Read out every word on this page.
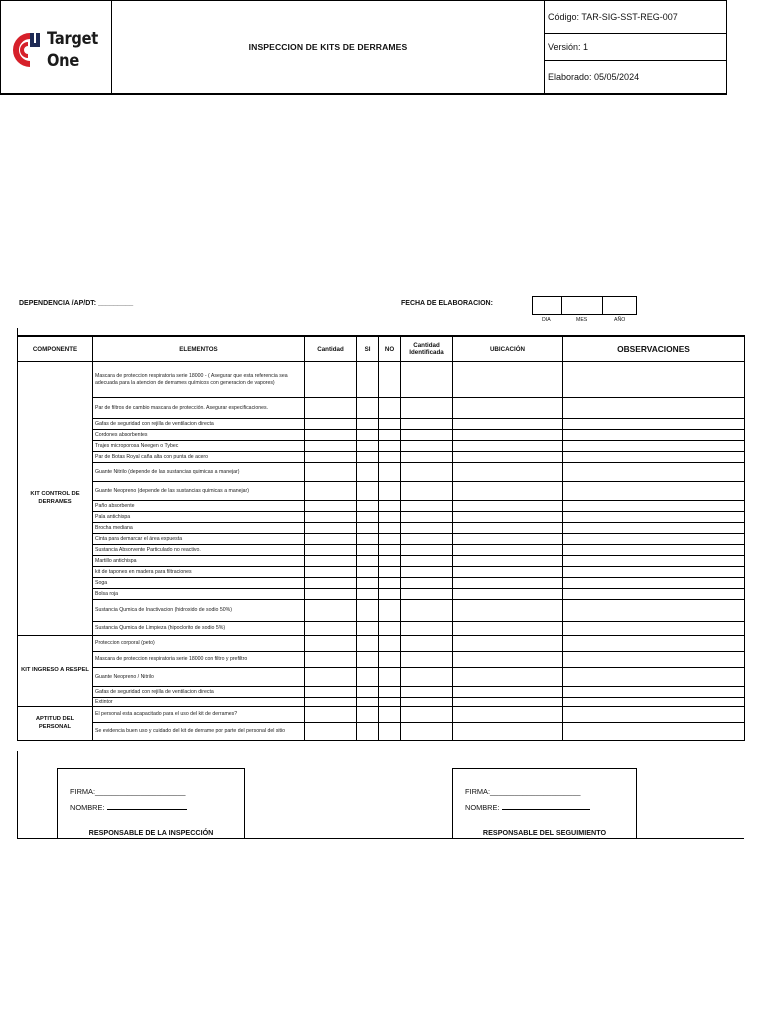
Target
One
INSPECCION DE KITS DE DERRAMES
Código: TAR-SIG-SST-REG-007
Versión: 1
Elaborado: 05/05/2024
DEPENDENCIA /AP/DT: _________	FECHA DE ELABORACION:
DIA	MES	AÑO
COMPONENTE	ELEMENTOS	Cantidad	SI	NO	Cantidad Identificada	UBICACIÓN	OBSERVACIONES
KIT CONTROL DE DERRAMES	Mascara de proteccion respiratoria serie 18000 - ( Asegurar que esta referencia sea adecuada para la atencion de derrames químicos con generacion de vapores)						
	Par de filtros de cambio mascara de protección. Asegurar especificaciones.						
	Gafas de seguridad con rejilla de ventilacion directa						
	Cordones absorbentes						
	Trajes microporosa Neegen o Tybec						
	Par de Botas Royal caña alta con punta de acero						
	Guante Nitrilo (depende de las sustancias quimicas a manejar)						
	Guante Neopreno (depende de las sustancias quimicas a manejar)						
	Paño absorbente						
	Pala antichispa						
	Brocha mediana						
	Cinta para demarcar el área expuesta						
	Sustancia Absorvente Particulado no reactivo.						
	Martillo antichispa						
	kit de tapones en madera para filtraciones						
	Soga						
	Bolsa roja						
	Sustancia Qumica de Inactivacion (hidroxido de sodio 50%)						
	Sustancia Qumica de Limpieza (hipoclorito de sodio 5%)						
KIT INGRESO A RESPEL	Proteccion corporal (peto)						
	Mascara de proteccion respiratoria serie 18000 con filtro y prefiltro						
	Guante Neopreno / Nitrilo						
	Gafas de seguridad con rejilla de ventilacion directa						
	Extintor						
APTITUD DEL PERSONAL	El personal esta acapacitado para el uso del kit de derrames?						
	Se evidencia buen uso y cuidado del kit de derrame por parte del personal del sitio						
FIRMA:______________________
NOMBRE:
RESPONSABLE DE LA INSPECCIÓN
FIRMA:______________________
NOMBRE:
RESPONSABLE DEL SEGUIMIENTO
